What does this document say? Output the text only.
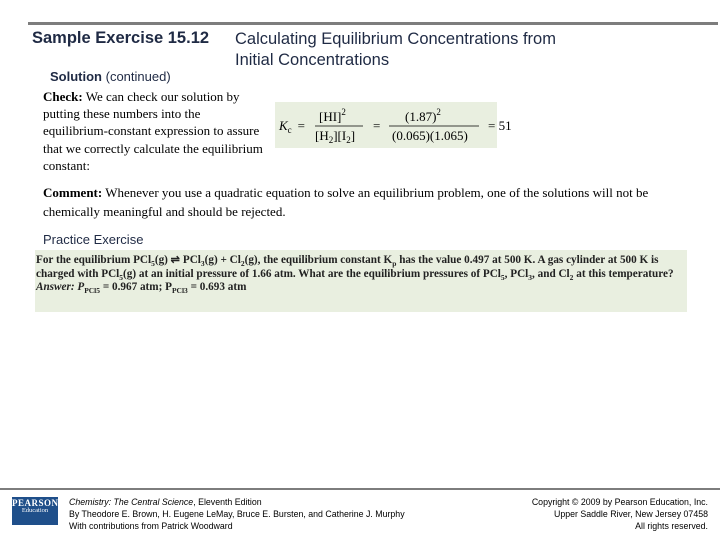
Sample Exercise 15.12 Calculating Equilibrium Concentrations from
Initial Concentrations
Solution (continued)
Check: We can check our solution by putting these numbers into the equilibrium-constant expression to assure that we correctly calculate the equilibrium constant:
$K_c$ =
[HI]$^2$
$[H_2][I_2]$
=
$(1.87)^2$
(0.065)(1.065)
= 51
Comment: Whenever you use a quadratic equation to solve an equilibrium problem, one of the solutions will not be chemically meaningful and should be rejected.
Practice Exercise
For the equilibrium PCl$_5$(g) ⇌ $PCl_3(g) + Cl_2(g)$, the equilibrium constant $K_p$ has the value 0.497 at 500 K. A gas cylinder at 500 K is charged with PCl$_5$(g) at an initial pressure of 1.66 atm. What are the equilibrium pressures of PCl$_5$, PCl$_3$, and $Cl_2$ at this temperature?
Answer: $P_{PCl5} = 0.967$ atm; $P_{PCl3} = 0.693$ atm
PEARSON
Education
Chemistry: The Central Science, Eleventh Edition
By Theodore E. Brown, H. Eugene LeMay, Bruce E. Bursten, and Catherine J. Murphy
With contributions from Patrick Woodward
Copyright © 2009 by Pearson Education, Inc.
Upper Saddle River, New Jersey 07458
All rights reserved.
